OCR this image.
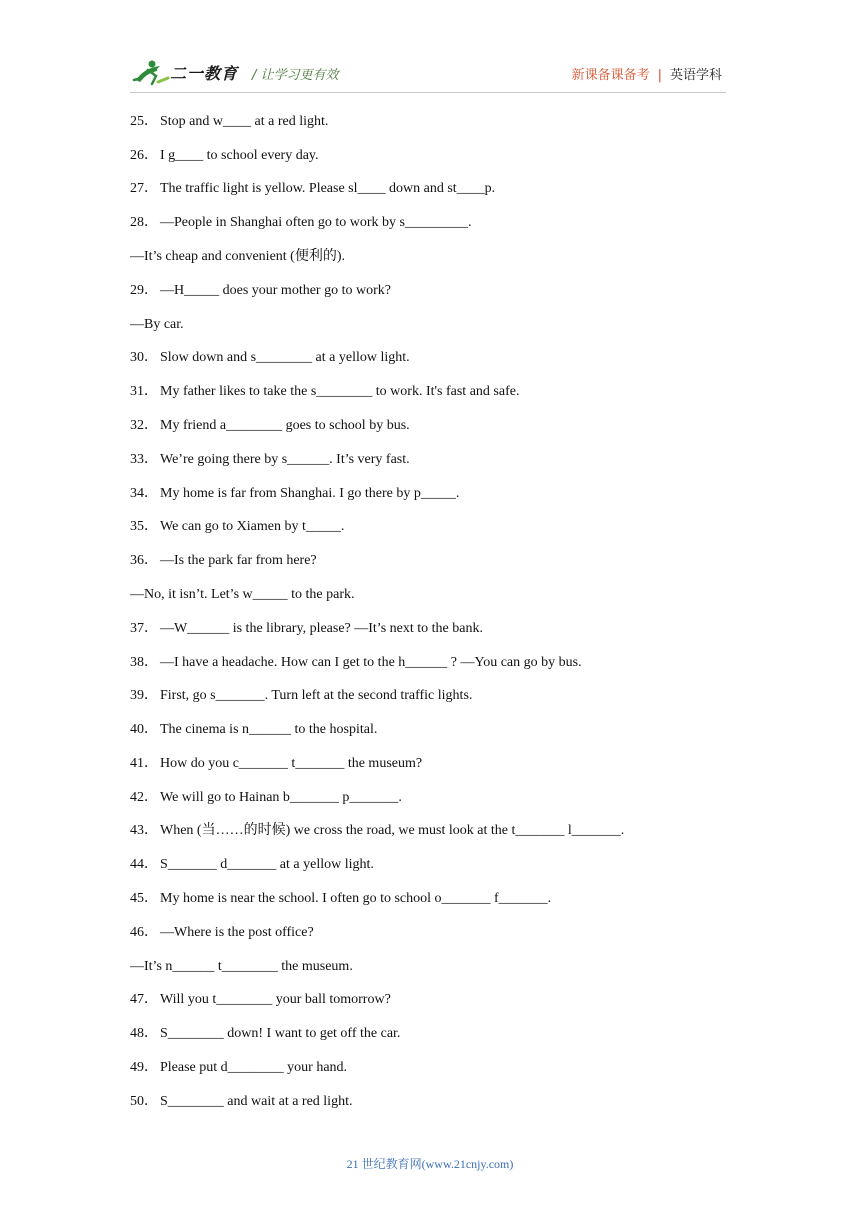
二一教育 / 让学习更有效	新课备课备考 | 英语学科
25． Stop and w____ at a red light.
26． I g____ to school every day.
27． The traffic light is yellow. Please sl____ down and st____p.
28． —People in Shanghai often go to work by s_________.
—It’s cheap and convenient (便利的).
29． —H_____ does your mother go to work?
—By car.
30． Slow down and s________ at a yellow light.
31． My father likes to take the s________ to work. It's fast and safe.
32． My friend a________ goes to school by bus.
33． We’re going there by s______. It’s very fast.
34． My home is far from Shanghai. I go there by p_____.
35． We can go to Xiamen by t_____.
36． —Is the park far from here?
—No, it isn’t. Let’s w_____ to the park.
37． —W______ is the library, please? —It’s next to the bank.
38． —I have a headache. How can I get to the h______ ? —You can go by bus.
39． First, go s_______. Turn left at the second traffic lights.
40． The cinema is n______ to the hospital.
41． How do you c_______ t_______ the museum?
42． We will go to Hainan b_______ p_______.
43． When (当……的时候) we cross the road, we must look at the t_______ l_______.
44． S_______ d_______ at a yellow light.
45． My home is near the school. I often go to school o_______ f_______.
46． —Where is the post office?
—It’s n______ t________ the museum.
47． Will you t________ your ball tomorrow?
48． S________ down! I want to get off the car.
49． Please put d________ your hand.
50． S________ and wait at a red light.
21 世纪教育网(www.21cnjy.com)
